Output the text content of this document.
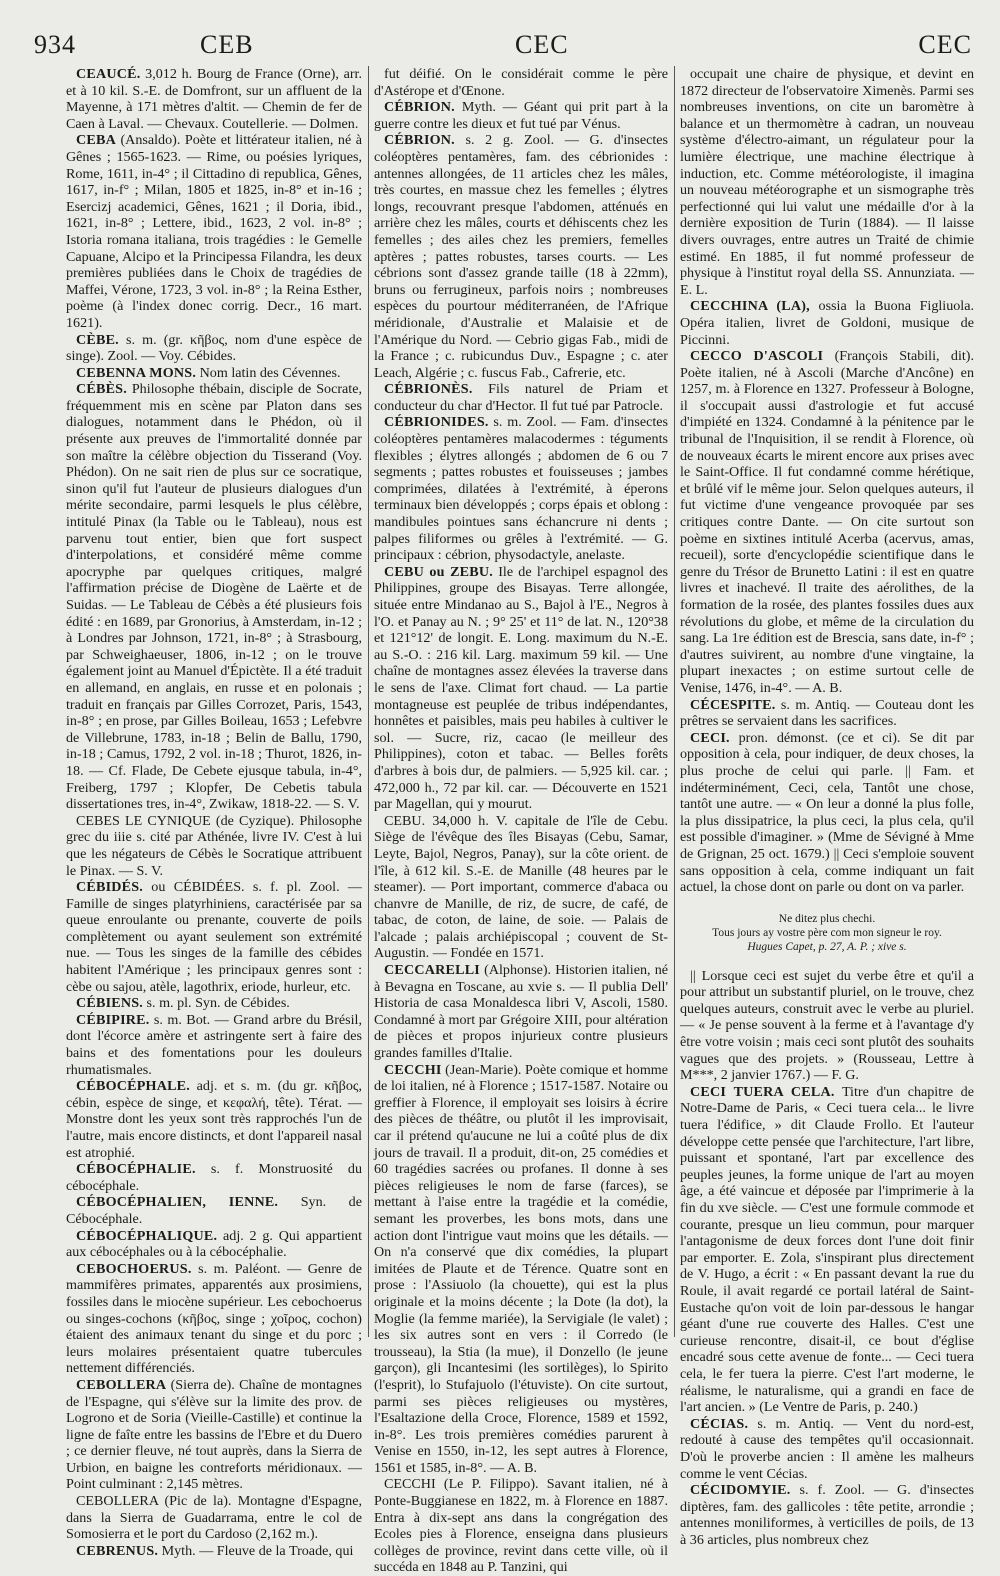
934	CEB	CEC	CEC

CEAUCÉ. 3,012 h. Bourg de France (Orne), arr. et à 10 kil. S.-E. de Domfront, sur un affluent de la Mayenne, à 171 mètres d'altit. — Chemin de fer de Caen à Laval. — Chevaux. Coutellerie. — Dolmen.

CEBA (Ansaldo). Poète et littérateur italien, né à Gênes ; 1565-1623. — Rime, ou poésies lyriques, Rome, 1611, in-4° ; il Cittadino di republica, Gênes, 1617, in-f° ; Milan, 1805 et 1825, in-8° et in-16 ; Esercizj academici, Gênes, 1621 ; il Doria, ibid., 1621, in-8° ; Lettere, ibid., 1623, 2 vol. in-8° ; Istoria romana italiana, trois tragédies : le Gemelle Capuane, Alcipo et la Principessa Filandra, les deux premières publiées dans le Choix de tragédies de Maffei, Vérone, 1723, 3 vol. in-8° ; la Reina Esther, poème (à l'index donec corrig. Decr., 16 mart. 1621).

CÈBE. s. m. (gr. κῆβος, nom d'une espèce de singe). Zool. — Voy. Cébides.

CEBENNA MONS. Nom latin des Cévennes.

CÉBÈS. Philosophe thébain, disciple de Socrate, fréquemment mis en scène par Platon dans ses dialogues, notamment dans le Phédon, où il présente aux preuves de l'immortalité donnée par son maître la célèbre objection du Tisserand (Voy. Phédon). On ne sait rien de plus sur ce socratique, sinon qu'il fut l'auteur de plusieurs dialogues d'un mérite secondaire, parmi lesquels le plus célèbre, intitulé Pinax (la Table ou le Tableau), nous est parvenu tout entier, bien que fort suspect d'interpolations, et considéré même comme apocryphe par quelques critiques, malgré l'affirmation précise de Diogène de Laërte et de Suidas. — Le Tableau de Cébès a été plusieurs fois édité : en 1689, par Gronorius, à Amsterdam, in-12 ; à Londres par Johnson, 1721, in-8° ; à Strasbourg, par Schweighaeuser, 1806, in-12 ; on le trouve également joint au Manuel d'Épictète. Il a été traduit en allemand, en anglais, en russe et en polonais ; traduit en français par Gilles Corrozet, Paris, 1543, in-8° ; en prose, par Gilles Boileau, 1653 ; Lefebvre de Villebrune, 1783, in-18 ; Belin de Ballu, 1790, in-18 ; Camus, 1792, 2 vol. in-18 ; Thurot, 1826, in-18. — Cf. Flade, De Cebete ejusque tabula, in-4°, Freiberg, 1797 ; Klopfer, De Cebetis tabula dissertationes tres, in-4°, Zwikaw, 1818-22. — S. V.

CEBES LE CYNIQUE (de Cyzique). Philosophe grec du iiie s. cité par Athénée, livre IV. C'est à lui que les négateurs de Cébès le Socratique attribuent le Pinax. — S. V.

CÉBIDÉS. ou CÉBIDÉES. s. f. pl. Zool. — Famille de singes platyrhiniens, caractérisée par sa queue enroulante ou prenante, couverte de poils complètement ou ayant seulement son extrémité nue. — Tous les singes de la famille des cébides habitent l'Amérique ; les principaux genres sont : cèbe ou sajou, atèle, lagothrix, eriode, hurleur, etc.

CÉBIENS. s. m. pl. Syn. de Cébides.

CÉBIPIRE. s. m. Bot. — Grand arbre du Brésil, dont l'écorce amère et astringente sert à faire des bains et des fomentations pour les douleurs rhumatismales.

CÉBOCÉPHALE. adj. et s. m. (du gr. κῆβος, cébin, espèce de singe, et κεφαλή, tête). Térat. — Monstre dont les yeux sont très rapprochés l'un de l'autre, mais encore distincts, et dont l'appareil nasal est atrophié.

CÉBOCÉPHALIE. s. f. Monstruosité du cébocéphale.

CÉBOCÉPHALIEN, IENNE. Syn. de Cébocéphale.

CÉBOCÉPHALIQUE. adj. 2 g. Qui appartient aux cébocéphales ou à la cébocéphalie.

CEBOCHOERUS. s. m. Paléont. — Genre de mammifères primates, apparentés aux prosimiens, fossiles dans le miocène supérieur. Les cebochoerus ou singes-cochons (κῆβος, singe ; χοῖρος, cochon) étaient des animaux tenant du singe et du porc ; leurs molaires présentaient quatre tubercules nettement différenciés.

CEBOLLERA (Sierra de). Chaîne de montagnes de l'Espagne, qui s'élève sur la limite des prov. de Logrono et de Soria (Vieille-Castille) et continue la ligne de faîte entre les bassins de l'Ebre et du Duero ; ce dernier fleuve, né tout auprès, dans la Sierra de Urbion, en baigne les contreforts méridionaux. — Point culminant : 2,145 mètres.

CEBOLLERA (Pic de la). Montagne d'Espagne, dans la Sierra de Guadarrama, entre le col de Somosierra et le port du Cardoso (2,162 m.).

CEBRENUS. Myth. — Fleuve de la Troade, qui

fut déifié. On le considérait comme le père d'Astérope et d'Œnone.

CÉBRION. Myth. — Géant qui prit part à la guerre contre les dieux et fut tué par Vénus.

CÉBRION. s. 2 g. Zool. — G. d'insectes coléoptères pentamères, fam. des cébrionides : antennes allongées, de 11 articles chez les mâles, très courtes, en massue chez les femelles ; élytres longs, recouvrant presque l'abdomen, atténués en arrière chez les mâles, courts et déhiscents chez les femelles ; des ailes chez les premiers, femelles aptères ; pattes robustes, tarses courts. — Les cébrions sont d'assez grande taille (18 à 22mm), bruns ou ferrugineux, parfois noirs ; nombreuses espèces du pourtour méditerranéen, de l'Afrique méridionale, d'Australie et Malaisie et de l'Amérique du Nord. — Cebrio gigas Fab., midi de la France ; c. rubicundus Duv., Espagne ; c. ater Leach, Algérie ; c. fuscus Fab., Cafrerie, etc.

CÉBRIONÈS. Fils naturel de Priam et conducteur du char d'Hector. Il fut tué par Patrocle.

CÉBRIONIDES. s. m. Zool. — Fam. d'insectes coléoptères pentamères malacodermes : téguments flexibles ; élytres allongés ; abdomen de 6 ou 7 segments ; pattes robustes et fouisseuses ; jambes comprimées, dilatées à l'extrémité, à éperons terminaux bien développés ; corps épais et oblong : mandibules pointues sans échancrure ni dents ; palpes filiformes ou grêles à l'extrémité. — G. principaux : cébrion, physodactyle, anelaste.

CEBU ou ZEBU. Ile de l'archipel espagnol des Philippines, groupe des Bisayas. Terre allongée, située entre Mindanao au S., Bajol à l'E., Negros à l'O. et Panay au N. ; 9° 25' et 11° de lat. N., 120°38 et 121°12' de longit. E. Long. maximum du N.-E. au S.-O. : 216 kil. Larg. maximum 59 kil. — Une chaîne de montagnes assez élevées la traverse dans le sens de l'axe. Climat fort chaud. — La partie montagneuse est peuplée de tribus indépendantes, honnêtes et paisibles, mais peu habiles à cultiver le sol. — Sucre, riz, cacao (le meilleur des Philippines), coton et tabac. — Belles forêts d'arbres à bois dur, de palmiers. — 5,925 kil. car. ; 472,000 h., 72 par kil. car. — Découverte en 1521 par Magellan, qui y mourut.

CEBU. 34,000 h. V. capitale de l'île de Cebu. Siège de l'évêque des îles Bisayas (Cebu, Samar, Leyte, Bajol, Negros, Panay), sur la côte orient. de l'île, à 612 kil. S.-E. de Manille (48 heures par le steamer). — Port important, commerce d'abaca ou chanvre de Manille, de riz, de sucre, de café, de tabac, de coton, de laine, de soie. — Palais de l'alcade ; palais archiépiscopal ; couvent de St-Augustin. — Fondée en 1571.

CECCARELLI (Alphonse). Historien italien, né à Bevagna en Toscane, au xvie s. — Il publia Dell' Historia de casa Monaldesca libri V, Ascoli, 1580. Condamné à mort par Grégoire XIII, pour altération de pièces et propos injurieux contre plusieurs grandes familles d'Italie.

CECCHI (Jean-Marie). Poète comique et homme de loi italien, né à Florence ; 1517-1587. Notaire ou greffier à Florence, il employait ses loisirs à écrire des pièces de théâtre, ou plutôt il les improvisait, car il prétend qu'aucune ne lui a coûté plus de dix jours de travail. Il a produit, dit-on, 25 comédies et 60 tragédies sacrées ou profanes. Il donne à ses pièces religieuses le nom de farse (farces), se mettant à l'aise entre la tragédie et la comédie, semant les proverbes, les bons mots, dans une action dont l'intrigue vaut moins que les détails. — On n'a conservé que dix comédies, la plupart imitées de Plaute et de Térence. Quatre sont en prose : l'Assiuolo (la chouette), qui est la plus originale et la moins décente ; la Dote (la dot), la Moglie (la femme mariée), la Servigiale (le valet) ; les six autres sont en vers : il Corredo (le trousseau), la Stia (la mue), il Donzello (le jeune garçon), gli Incantesimi (les sortilèges), lo Spirito (l'esprit), lo Stufajuolo (l'étuviste). On cite surtout, parmi ses pièces religieuses ou mystères, l'Esaltazione della Croce, Florence, 1589 et 1592, in-8°. Les trois premières comédies parurent à Venise en 1550, in-12, les sept autres à Florence, 1561 et 1585, in-8°. — A. B.

CECCHI (Le P. Filippo). Savant italien, né à Ponte-Buggianese en 1822, m. à Florence en 1887. Entra à dix-sept ans dans la congrégation des Ecoles pies à Florence, enseigna dans plusieurs collèges de province, revint dans cette ville, où il succéda en 1848 au P. Tanzini, qui

occupait une chaire de physique, et devint en 1872 directeur de l'observatoire Ximenès. Parmi ses nombreuses inventions, on cite un baromètre à balance et un thermomètre à cadran, un nouveau système d'électro-aimant, un régulateur pour la lumière électrique, une machine électrique à induction, etc. Comme météorologiste, il imagina un nouveau météorographe et un sismographe très perfectionné qui lui valut une médaille d'or à la dernière exposition de Turin (1884). — Il laisse divers ouvrages, entre autres un Traité de chimie estimé. En 1885, il fut nommé professeur de physique à l'institut royal della SS. Annunziata. — E. L.

CECCHINA (LA), ossia la Buona Figliuola. Opéra italien, livret de Goldoni, musique de Piccinni.

CECCO D'ASCOLI (François Stabili, dit). Poète italien, né à Ascoli (Marche d'Ancône) en 1257, m. à Florence en 1327. Professeur à Bologne, il s'occupait aussi d'astrologie et fut accusé d'impiété en 1324. Condamné à la pénitence par le tribunal de l'Inquisition, il se rendit à Florence, où de nouveaux écarts le mirent encore aux prises avec le Saint-Office. Il fut condamné comme hérétique, et brûlé vif le même jour. Selon quelques auteurs, il fut victime d'une vengeance provoquée par ses critiques contre Dante. — On cite surtout son poème en sixtines intitulé Acerba (acervus, amas, recueil), sorte d'encyclopédie scientifique dans le genre du Trésor de Brunetto Latini : il est en quatre livres et inachevé. Il traite des aérolithes, de la formation de la rosée, des plantes fossiles dues aux révolutions du globe, et même de la circulation du sang. La 1re édition est de Brescia, sans date, in-f° ; d'autres suivirent, au nombre d'une vingtaine, la plupart inexactes ; on estime surtout celle de Venise, 1476, in-4°. — A. B.

CÉCESPITE. s. m. Antiq. — Couteau dont les prêtres se servaient dans les sacrifices.

CECI. pron. démonst. (ce et ci). Se dit par opposition à cela, pour indiquer, de deux choses, la plus proche de celui qui parle. || Fam. et indéterminément, Ceci, cela, Tantôt une chose, tantôt une autre. — « On leur a donné la plus folle, la plus dissipatrice, la plus ceci, la plus cela, qu'il est possible d'imaginer. » (Mme de Sévigné à Mme de Grignan, 25 oct. 1679.) || Ceci s'emploie souvent sans opposition à cela, comme indiquant un fait actuel, la chose dont on parle ou dont on va parler.

Ne ditez plus chechi.
Tous jours ay vostre père com mon signeur le roy.
Hugues Capet, p. 27, A. P. ; xive s.

|| Lorsque ceci est sujet du verbe être et qu'il a pour attribut un substantif pluriel, on le trouve, chez quelques auteurs, construit avec le verbe au pluriel. — « Je pense souvent à la ferme et à l'avantage d'y être votre voisin ; mais ceci sont plutôt des souhaits vagues que des projets. » (Rousseau, Lettre à M***, 2 janvier 1767.) — F. G.

CECI TUERA CELA. Titre d'un chapitre de Notre-Dame de Paris, « Ceci tuera cela... le livre tuera l'édifice, » dit Claude Frollo. Et l'auteur développe cette pensée que l'architecture, l'art libre, puissant et spontané, l'art par excellence des peuples jeunes, la forme unique de l'art au moyen âge, a été vaincue et déposée par l'imprimerie à la fin du xve siècle. — C'est une formule commode et courante, presque un lieu commun, pour marquer l'antagonisme de deux forces dont l'une doit finir par emporter. E. Zola, s'inspirant plus directement de V. Hugo, a écrit : « En passant devant la rue du Roule, il avait regardé ce portail latéral de Saint-Eustache qu'on voit de loin par-dessous le hangar géant d'une rue couverte des Halles. C'est une curieuse rencontre, disait-il, ce bout d'église encadré sous cette avenue de fonte... — Ceci tuera cela, le fer tuera la pierre. C'est l'art moderne, le réalisme, le naturalisme, qui a grandi en face de l'art ancien. » (Le Ventre de Paris, p. 240.)

CÉCIAS. s. m. Antiq. — Vent du nord-est, redouté à cause des tempêtes qu'il occasionnait. D'où le proverbe ancien : Il amène les malheurs comme le vent Cécias.

CÉCIDOMYIE. s. f. Zool. — G. d'insectes diptères, fam. des gallicoles : tête petite, arrondie ; antennes moniliformes, à verticilles de poils, de 13 à 36 articles, plus nombreux chez
